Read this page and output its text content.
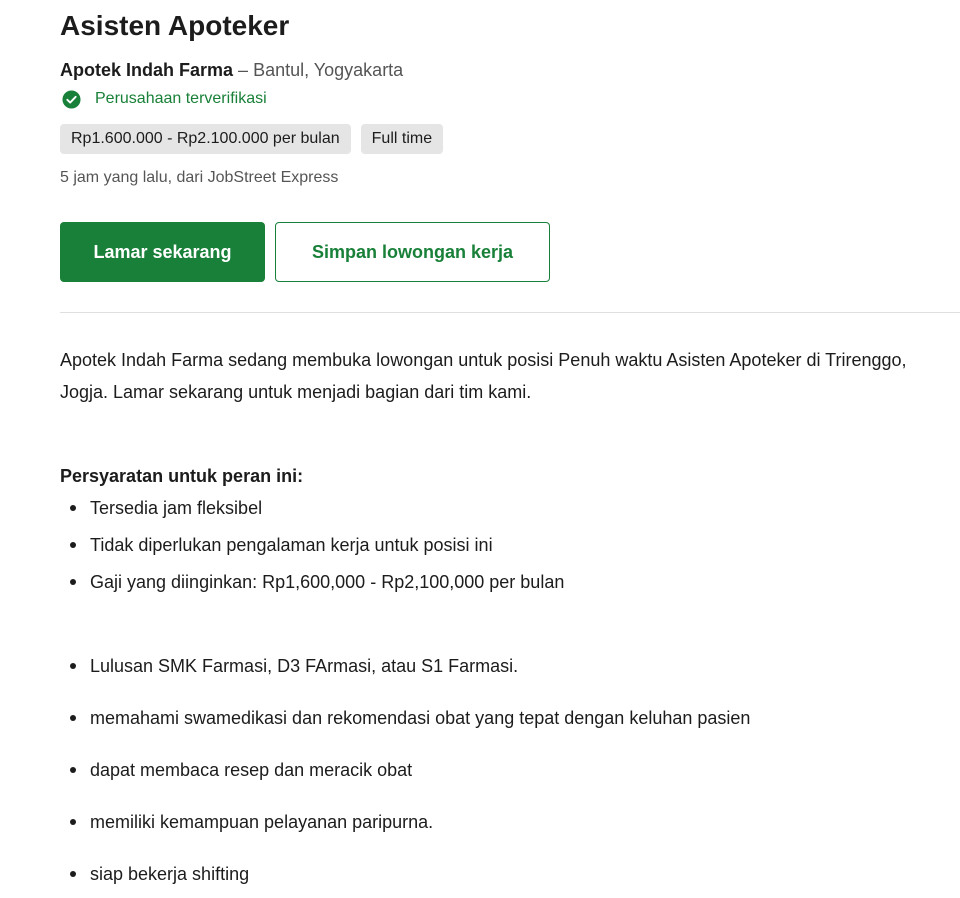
Asisten Apoteker
Apotek Indah Farma – Bantul, Yogyakarta
Perusahaan terverifikasi
Rp1.600.000 - Rp2.100.000 per bulan	Full time
5 jam yang lalu, dari JobStreet Express
Lamar sekarang	Simpan lowongan kerja

Apotek Indah Farma sedang membuka lowongan untuk posisi Penuh waktu Asisten Apoteker di Trirenggo, Jogja. Lamar sekarang untuk menjadi bagian dari tim kami.

Persyaratan untuk peran ini:
Tersedia jam fleksibel
Tidak diperlukan pengalaman kerja untuk posisi ini
Gaji yang diinginkan: Rp1,600,000 - Rp2,100,000 per bulan
Lulusan SMK Farmasi, D3 FArmasi, atau S1 Farmasi.
memahami swamedikasi dan rekomendasi obat yang tepat dengan keluhan pasien
dapat membaca resep dan meracik obat
memiliki kemampuan pelayanan paripurna.
siap bekerja shifting
